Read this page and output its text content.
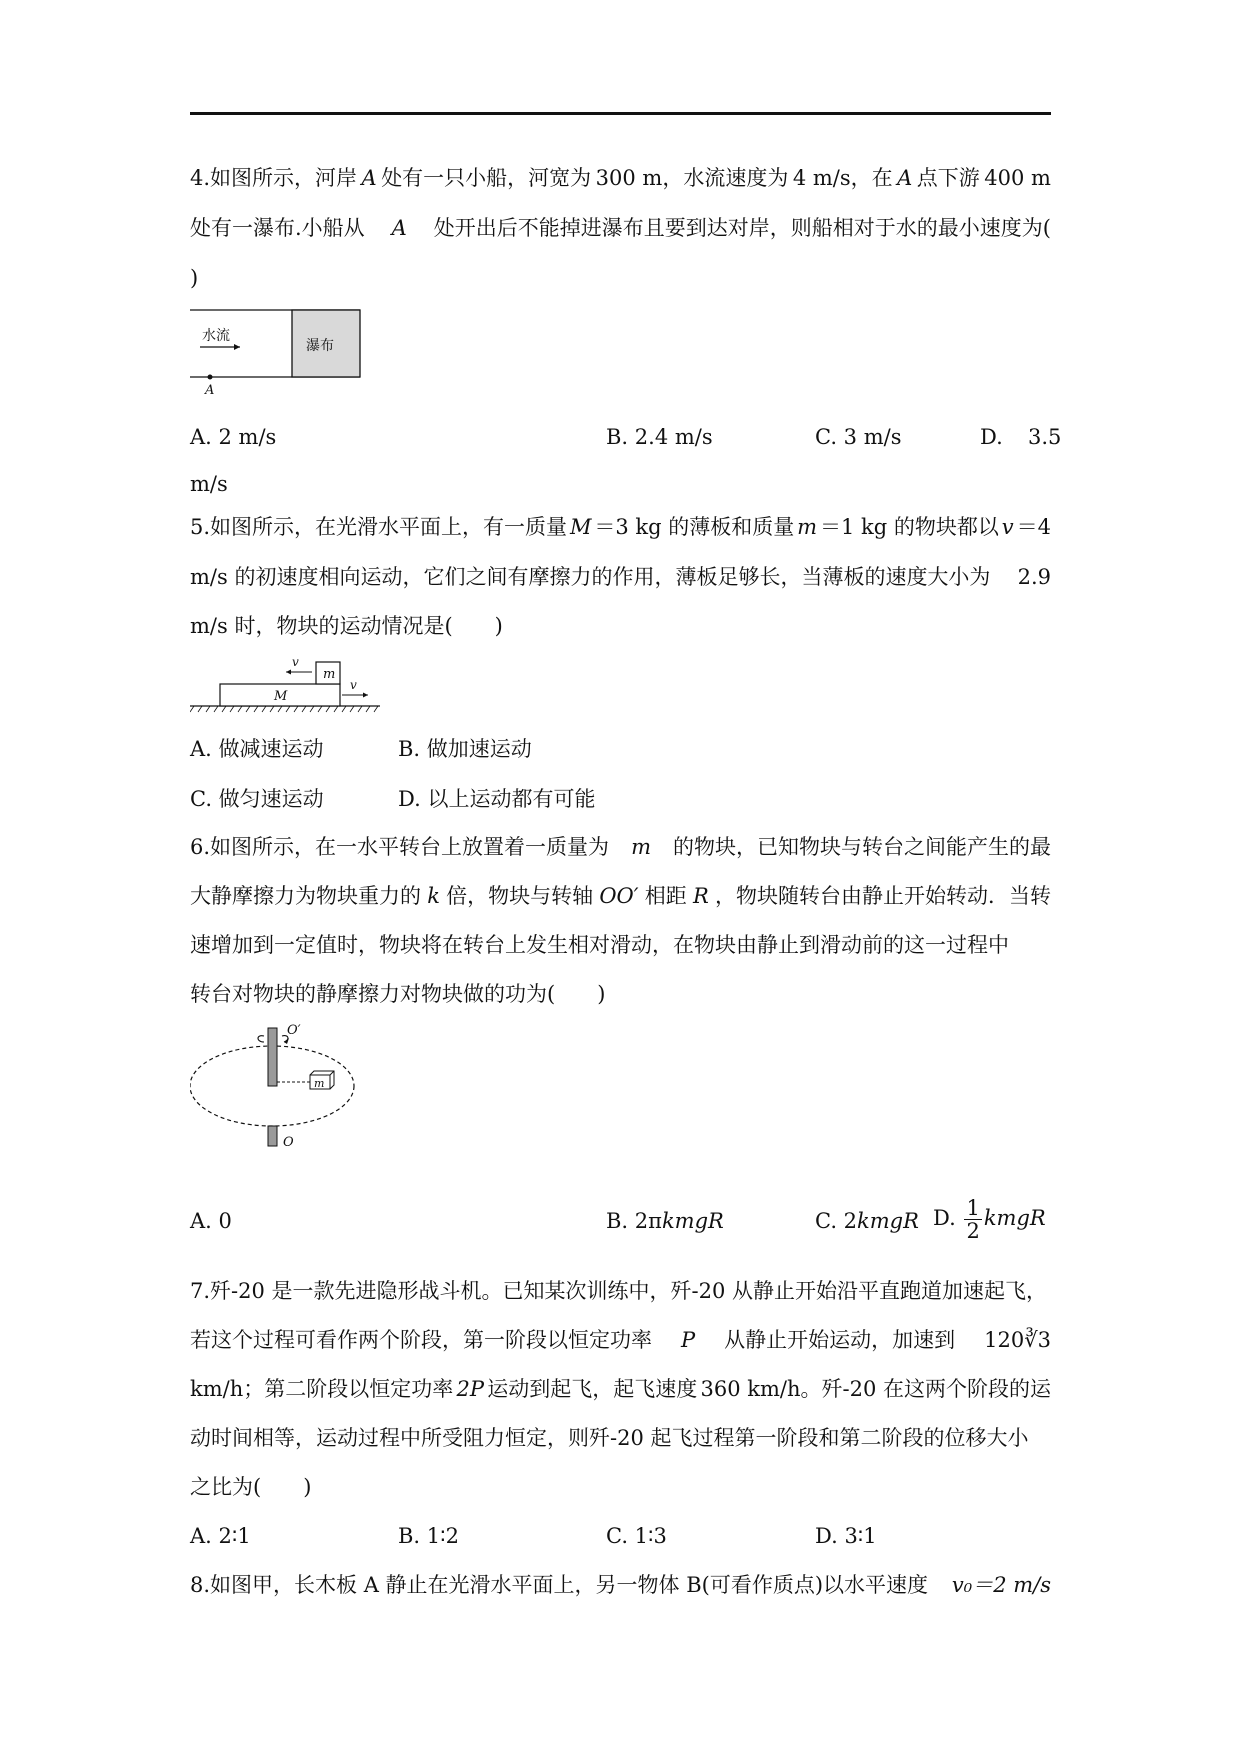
4.如图所示，河岸 A 处有一只小船，河宽为 300 m，水流速度为 4 m/s，在 A 点下游 400 m
处有一瀑布.小船从 A 处开出后不能掉进瀑布且要到达对岸，则船相对于水的最小速度为(
)
水流
瀑布
A
A. 2 m/s	B. 2.4 m/s	C. 3 m/s	D. 3.5
m/s
5.如图所示，在光滑水平面上，有一质量 M ＝3 kg 的薄板和质量 m ＝1 kg 的物块都以 v ＝4
m/s 的初速度相向运动，它们之间有摩擦力的作用，薄板足够长，当薄板的速度大小为 2.9
m/s 时，物块的运动情况是(　　)
M
m
v
v
A. 做减速运动	B. 做加速运动
C. 做匀速运动	D. 以上运动都有可能
6.如图所示，在一水平转台上放置着一质量为 m 的物块，已知物块与转台之间能产生的最
大静摩擦力为物块重力的 k 倍，物块与转轴 OO′ 相距 R ，物块随转台由静止开始转动．当转
速增加到一定值时，物块将在转台上发生相对滑动，在物块由静止到滑动前的这一过程中
转台对物块的静摩擦力对物块做的功为(　　)
O′
O
m
A. 0	B. 2πkmgR	C. 2kmgR D. $\frac{1}{2}$ kmgR
7.歼-20 是一款先进隐形战斗机。已知某次训练中，歼-20 从静止开始沿平直跑道加速起飞，
若这个过程可看作两个阶段，第一阶段以恒定功率 P 从静止开始运动，加速到 120∛3
km/h；第二阶段以恒定功率 2P 运动到起飞，起飞速度 360 km/h。歼-20 在这两个阶段的运
动时间相等，运动过程中所受阻力恒定，则歼-20 起飞过程第一阶段和第二阶段的位移大小
之比为(　　)
A. 2∶1	B. 1∶2	C. 1∶3	D. 3∶1
8.如图甲，长木板 A 静止在光滑水平面上，另一物体 B(可看作质点)以水平速度 v₀＝2 m/s
